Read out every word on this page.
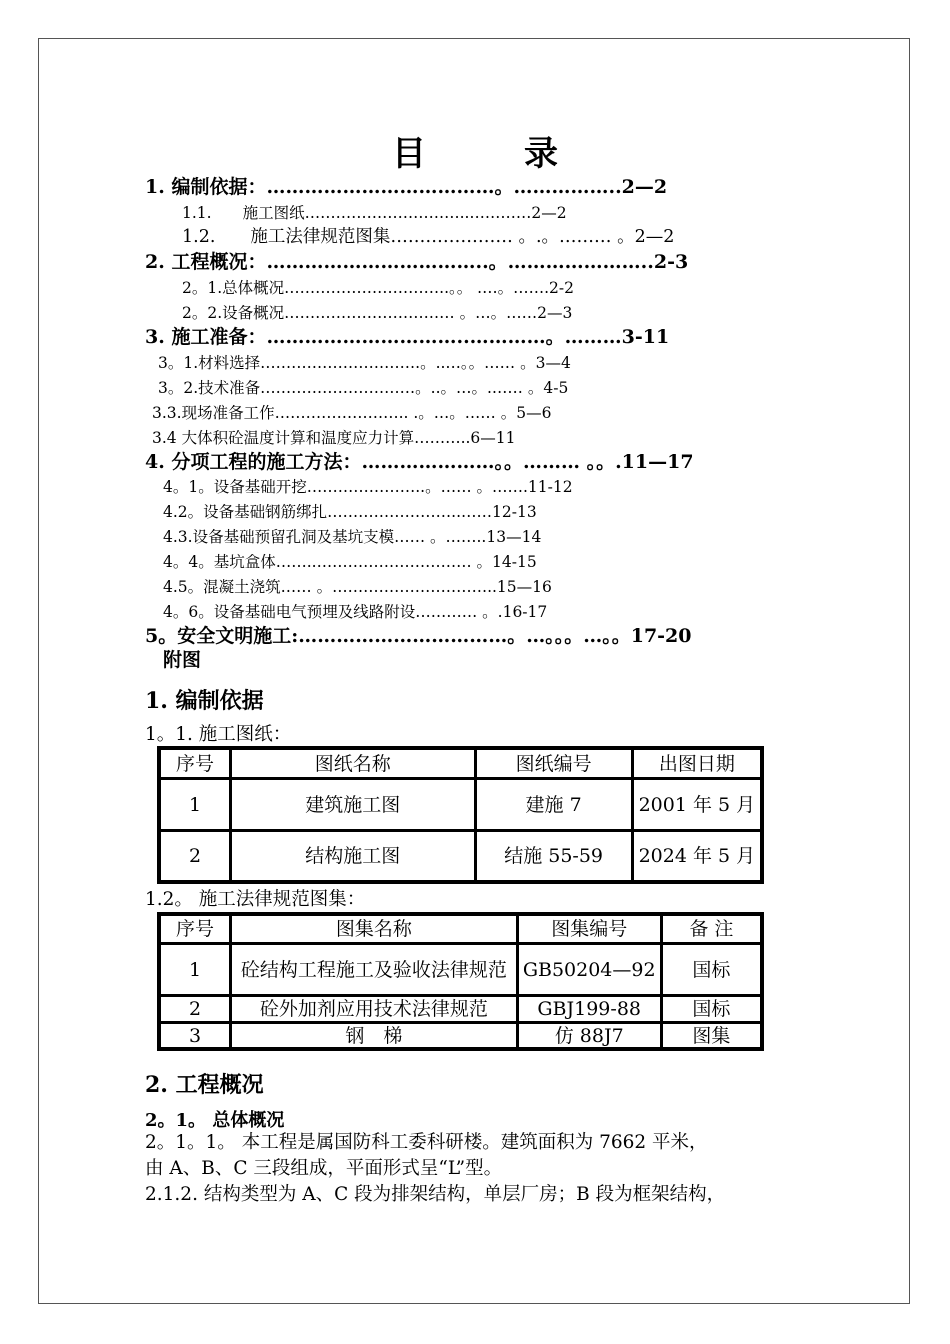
目　录
1. 编制依据：………………………………。……………..2—2
1.1.　　施工图纸…………………………..…………2—2
1.2.　　施工法律规范图集………………… 。.。……… 。2—2
2. 工程概况：……………………………..。…………………..2-3
2。1.总体概况…………………………..。。 .…。…….2-2
2。2.设备概况…………………………… 。…。……2—3
3. 施工准备：…………………………..…………。………3-11
3。1.材料选择………………………….。..…。。…… 。3—4
3。2.技术准备…………………………。..。…。.…… 。4-5
3.3.现场准备工作…………………….. .。…。…… 。5—6
3.4 大体积砼温度计算和温度应力计算………..6—11
4. 分项工程的施工方法：…………………。。……… 。。.11—17
4。1。设备基础开挖…………………..。…… 。…….11-12
4.2。设备基础钢筋绑扎……………………..……12-13
4.3.设备基础预留孔洞及基坑支模…… 。……..13—14
4。4。基坑盒体……..………………………… 。14-15
4.5。混凝土浇筑…… 。…………………………..15—16
4。6。设备基础电气预埋及线路附设………… 。.16-17
5。安全文明施工:……………………………。…。。。…。。17-20
附图
1. 编制依据
1。1. 施工图纸：
序号	图纸名称	图纸编号	出图日期
1	建筑施工图	建施 7	2001 年 5 月
2	结构施工图	结施 55-59	2024 年 5 月
1.2。 施工法律规范图集：
序号	图集名称	图集编号	备 注
1	砼结构工程施工及验收法律规范	GB50204—92	国标
2	砼外加剂应用技术法律规范	GBJ199-88	国标
3	钢　梯	仿 88J7	图集
2. 工程概况
2。1。 总体概况
2。1。1。 本工程是属国防科工委科研楼。建筑面积为 7662 平米，
由 A、B、C 三段组成，平面形式呈“L”型。
2.1.2. 结构类型为 A、C 段为排架结构，单层厂房；B 段为框架结构，
